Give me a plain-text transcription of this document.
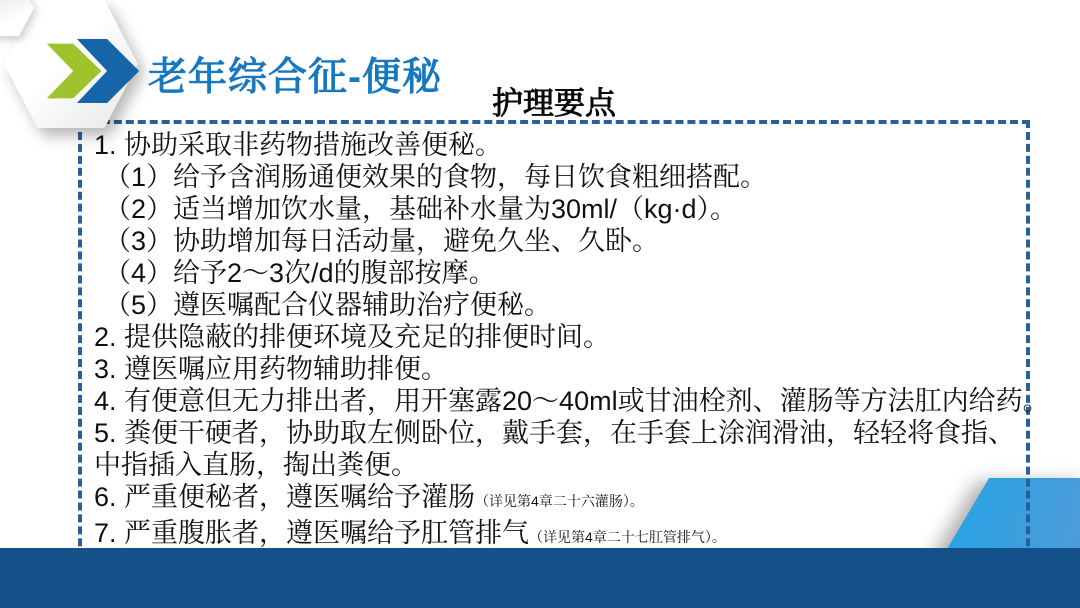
老年综合征-便秘
护理要点
1. 协助采取非药物措施改善便秘。
（1）给予含润肠通便效果的食物，每日饮食粗细搭配。
（2）适当增加饮水量，基础补水量为30ml/（kg·d）。
（3）协助增加每日活动量，避免久坐、久卧。
（4）给予2～3次/d的腹部按摩。
（5）遵医嘱配合仪器辅助治疗便秘。
2. 提供隐蔽的排便环境及充足的排便时间。
3. 遵医嘱应用药物辅助排便。
4. 有便意但无力排出者，用开塞露20～40ml或甘油栓剂、灌肠等方法肛内给药。
5. 粪便干硬者，协助取左侧卧位，戴手套，在手套上涂润滑油，轻轻将食指、
中指插入直肠，掏出粪便。
6. 严重便秘者，遵医嘱给予灌肠（详见第4章二十六灌肠）。
7. 严重腹胀者，遵医嘱给予肛管排气（详见第4章二十七肛管排气）。
